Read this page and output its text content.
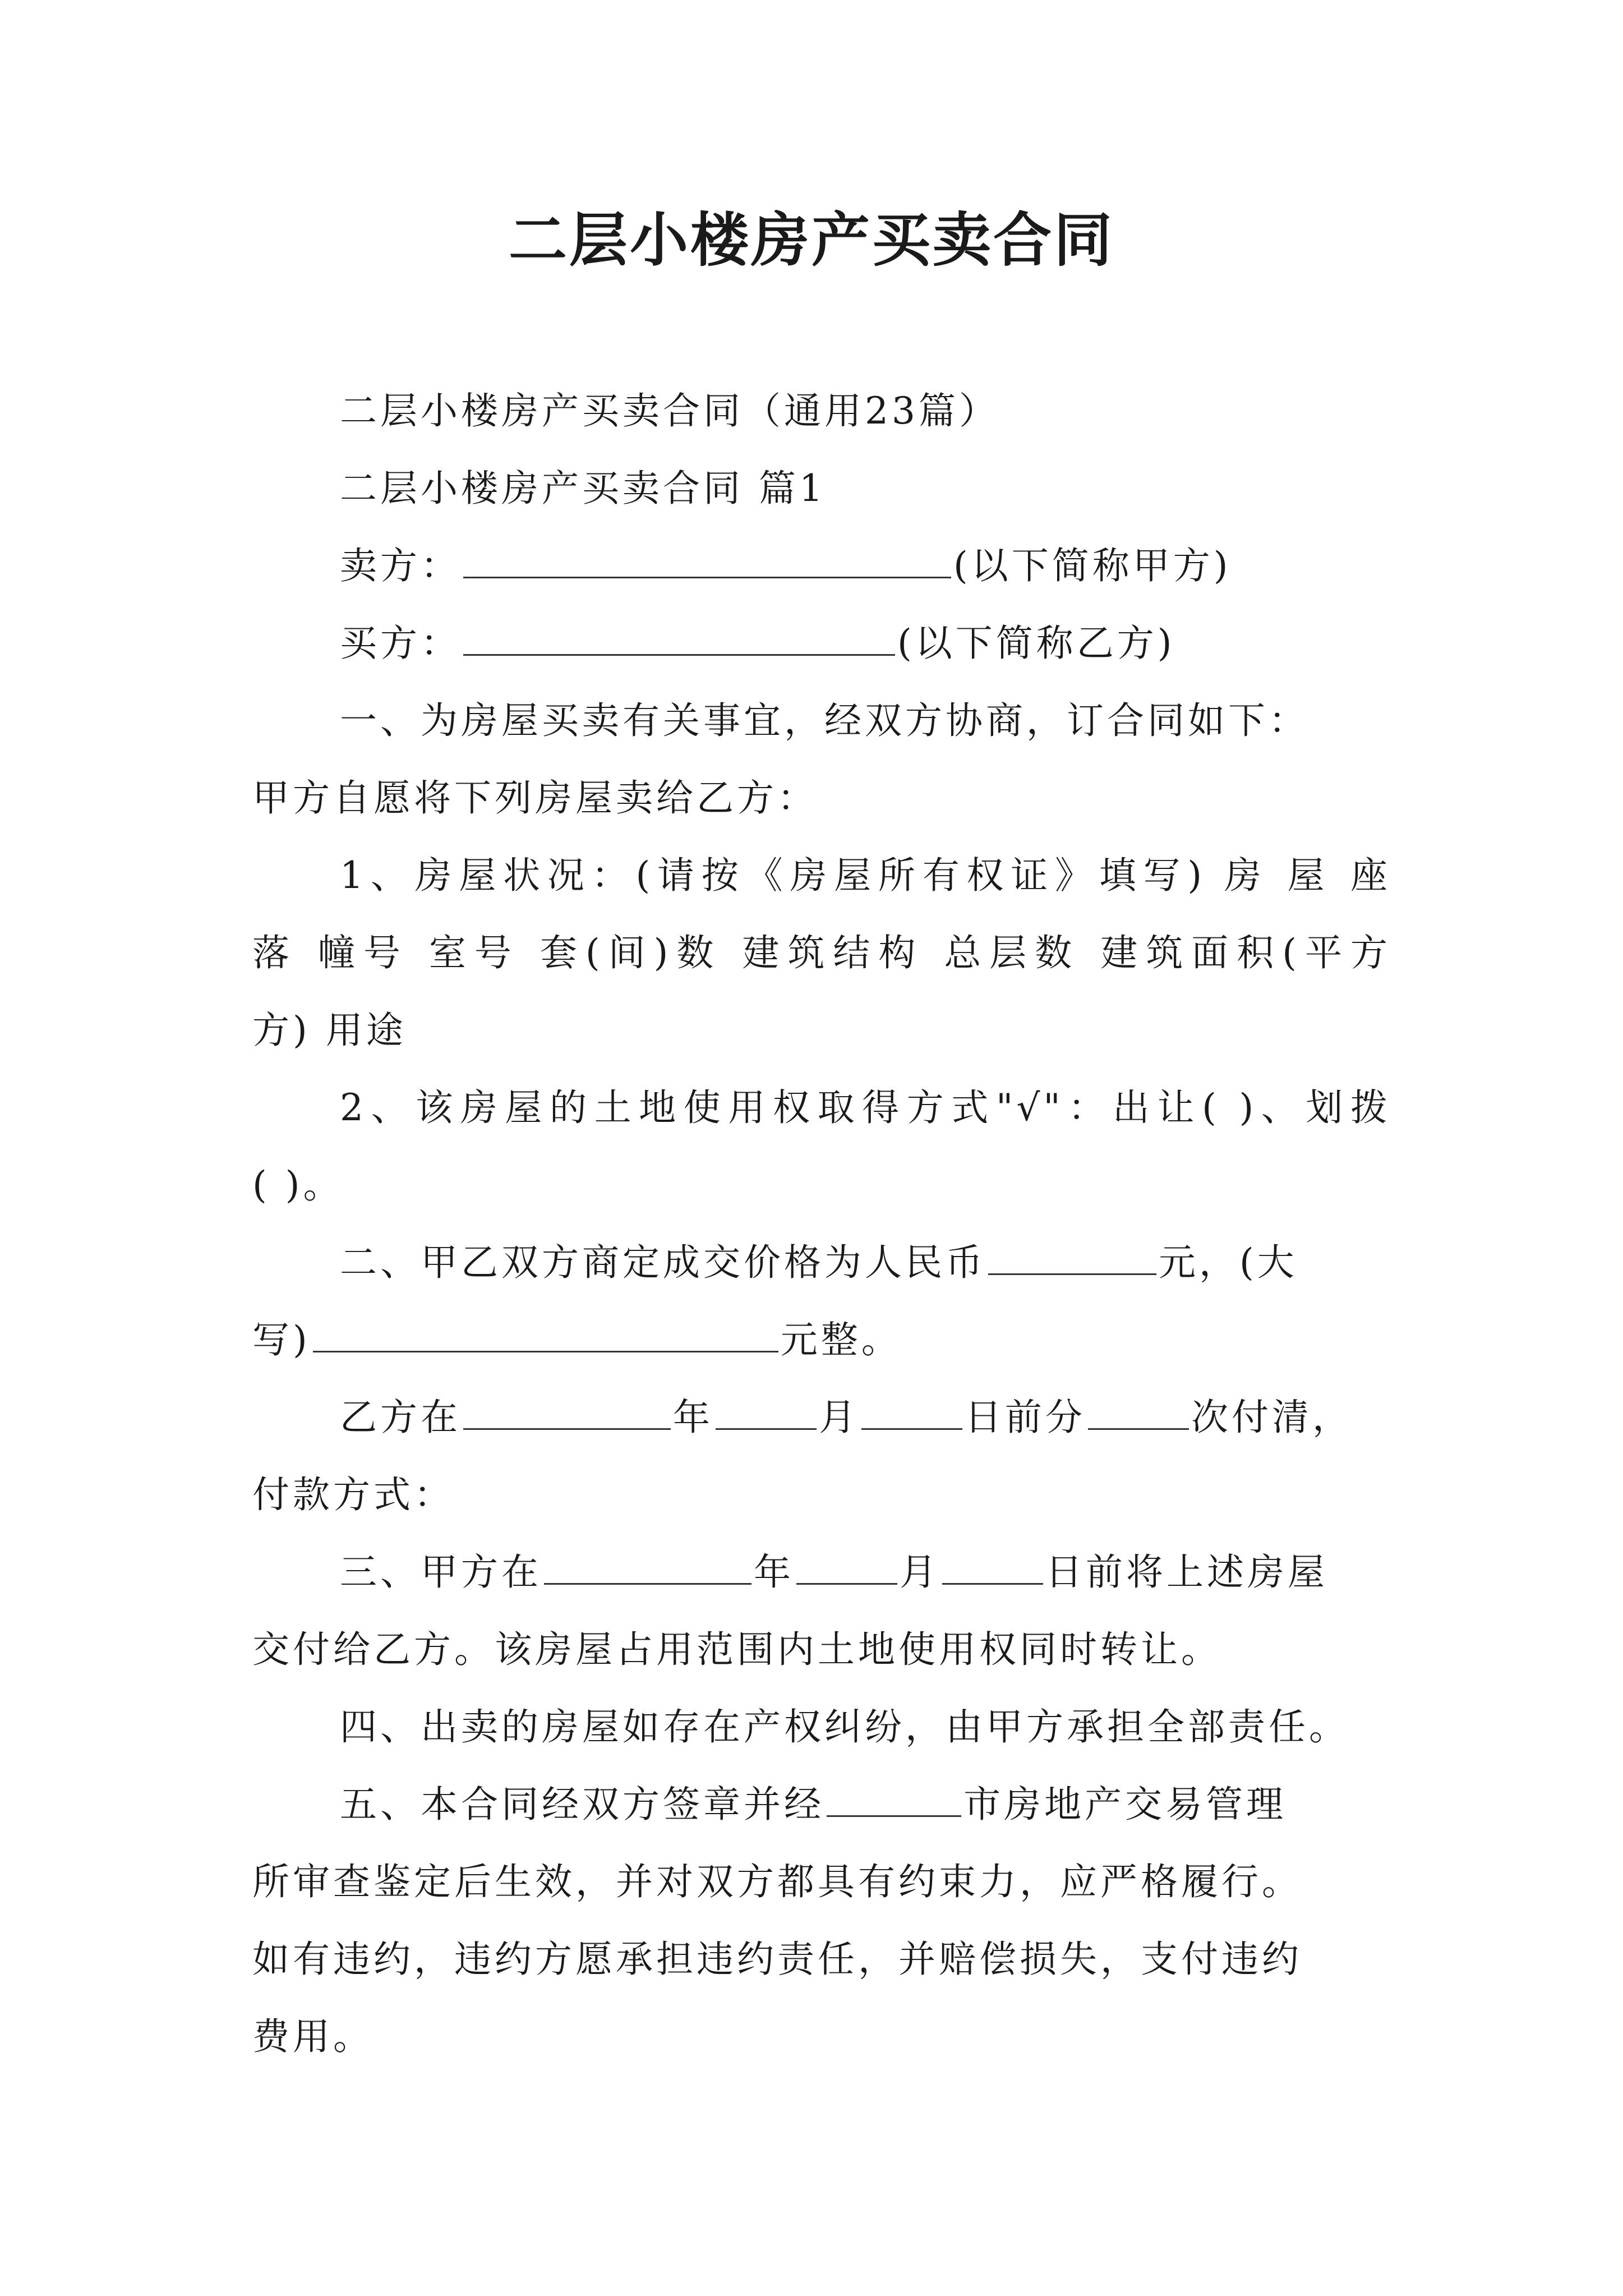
二层小楼房产买卖合同
二层小楼房产买卖合同（通用23篇）
二层小楼房产买卖合同 篇1
卖方：	(以下简称甲方)
买方：	(以下简称乙方)
一、为房屋买卖有关事宜，经双方协商，订合同如下：
甲方自愿将下列房屋卖给乙方：
1、房屋状况：(请按《房屋所有权证》填写) 房 屋 座
落 幢号 室号 套(间)数 建筑结构 总层数 建筑面积(平方
方) 用途
2、该房屋的土地使用权取得方式"√"：出让( )、划拨
( )。
二、甲乙双方商定成交价格为人民币	元，(大
写)	元整。
乙方在	年	月	日前分	次付清，
付款方式：
三、甲方在	年	月	日前将上述房屋
交付给乙方。该房屋占用范围内土地使用权同时转让。
四、出卖的房屋如存在产权纠纷，由甲方承担全部责任。
五、本合同经双方签章并经	市房地产交易管理
所审查鉴定后生效，并对双方都具有约束力，应严格履行。
如有违约，违约方愿承担违约责任，并赔偿损失，支付违约
费用。
